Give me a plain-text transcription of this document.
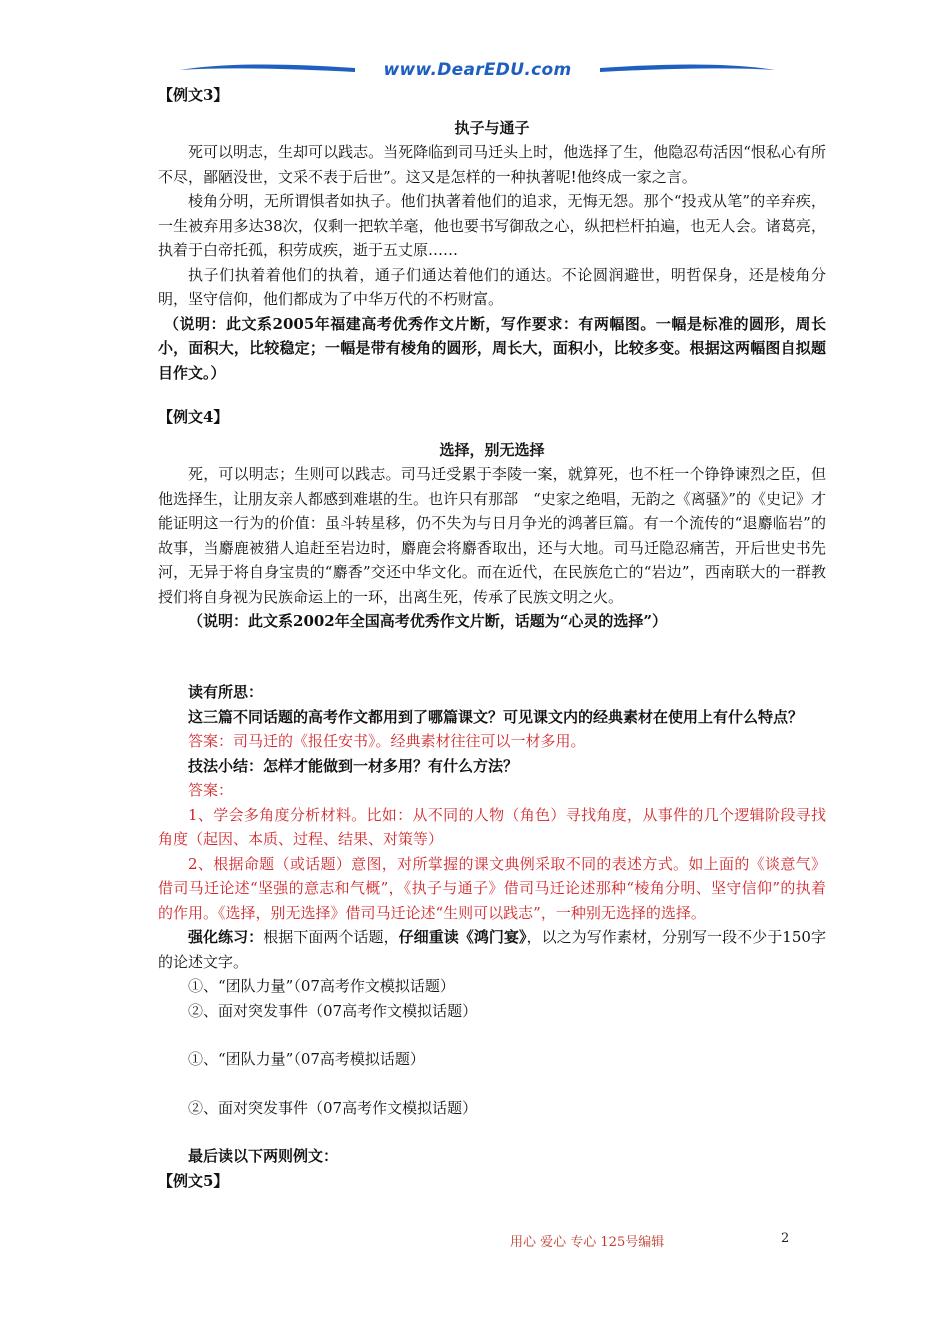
www.DearEDU.com
【例文3】
执子与通子
死可以明志，生却可以践志。当死降临到司马迁头上时，他选择了生，他隐忍苟活因“恨私心有所不尽，鄙陋没世，文采不表于后世”。这又是怎样的一种执著呢!他终成一家之言。
棱角分明，无所谓惧者如执子。他们执著着他们的追求，无悔无怨。那个“投戎从笔”的辛弃疾，一生被弃用多达38次，仅剩一把软羊毫，他也要书写御敌之心，纵把栏杆拍遍，也无人会。诸葛亮，执着于白帝托孤，积劳成疾，逝于五丈原……
执子们执着着他们的执着，通子们通达着他们的通达。不论圆润避世，明哲保身，还是棱角分明，坚守信仰，他们都成为了中华万代的不朽财富。
（说明：此文系2005年福建高考优秀作文片断，写作要求：有两幅图。一幅是标准的圆形，周长小，面积大，比较稳定；一幅是带有棱角的圆形，周长大，面积小，比较多变。根据这两幅图自拟题目作文。）
【例文4】
选择，别无选择
死，可以明志；生则可以践志。司马迁受累于李陵一案，就算死，也不枉一个铮铮谏烈之臣，但他选择生，让朋友亲人都感到难堪的生。也许只有那部　“史家之绝唱，无韵之《离骚》”的《史记》才能证明这一行为的价值：虽斗转星移，仍不失为与日月争光的鸿著巨篇。有一个流传的“退麝临岩”的故事，当麝鹿被猎人追赶至岩边时，麝鹿会将麝香取出，还与大地。司马迁隐忍痛苦，开后世史书先河，无异于将自身宝贵的“麝香”交还中华文化。而在近代，在民族危亡的“岩边”，西南联大的一群教授们将自身视为民族命运上的一环，出离生死，传承了民族文明之火。
（说明：此文系2002年全国高考优秀作文片断，话题为“心灵的选择”）
读有所思：
这三篇不同话题的高考作文都用到了哪篇课文？可见课文内的经典素材在使用上有什么特点？
答案：司马迁的《报任安书》。经典素材往往可以一材多用。
技法小结：怎样才能做到一材多用？有什么方法？
答案：
1、学会多角度分析材料。比如：从不同的人物（角色）寻找角度，从事件的几个逻辑阶段寻找角度（起因、本质、过程、结果、对策等）
2、根据命题（或话题）意图，对所掌握的课文典例采取不同的表述方式。如上面的《谈意气》借司马迁论述“坚强的意志和气概”，《执子与通子》借司马迁论述那种“棱角分明、坚守信仰”的执着的作用。《选择，别无选择》借司马迁论述“生则可以践志”，一种别无选择的选择。
强化练习：根据下面两个话题，仔细重读《鸿门宴》，以之为写作素材，分别写一段不少于150字的论述文字。
①、“团队力量”（07高考作文模拟话题）
②、面对突发事件（07高考作文模拟话题）
①、“团队力量”（07高考模拟话题）
②、面对突发事件（07高考作文模拟话题）
最后读以下两则例文：
【例文5】
用心 爱心 专心 125号编辑	2
